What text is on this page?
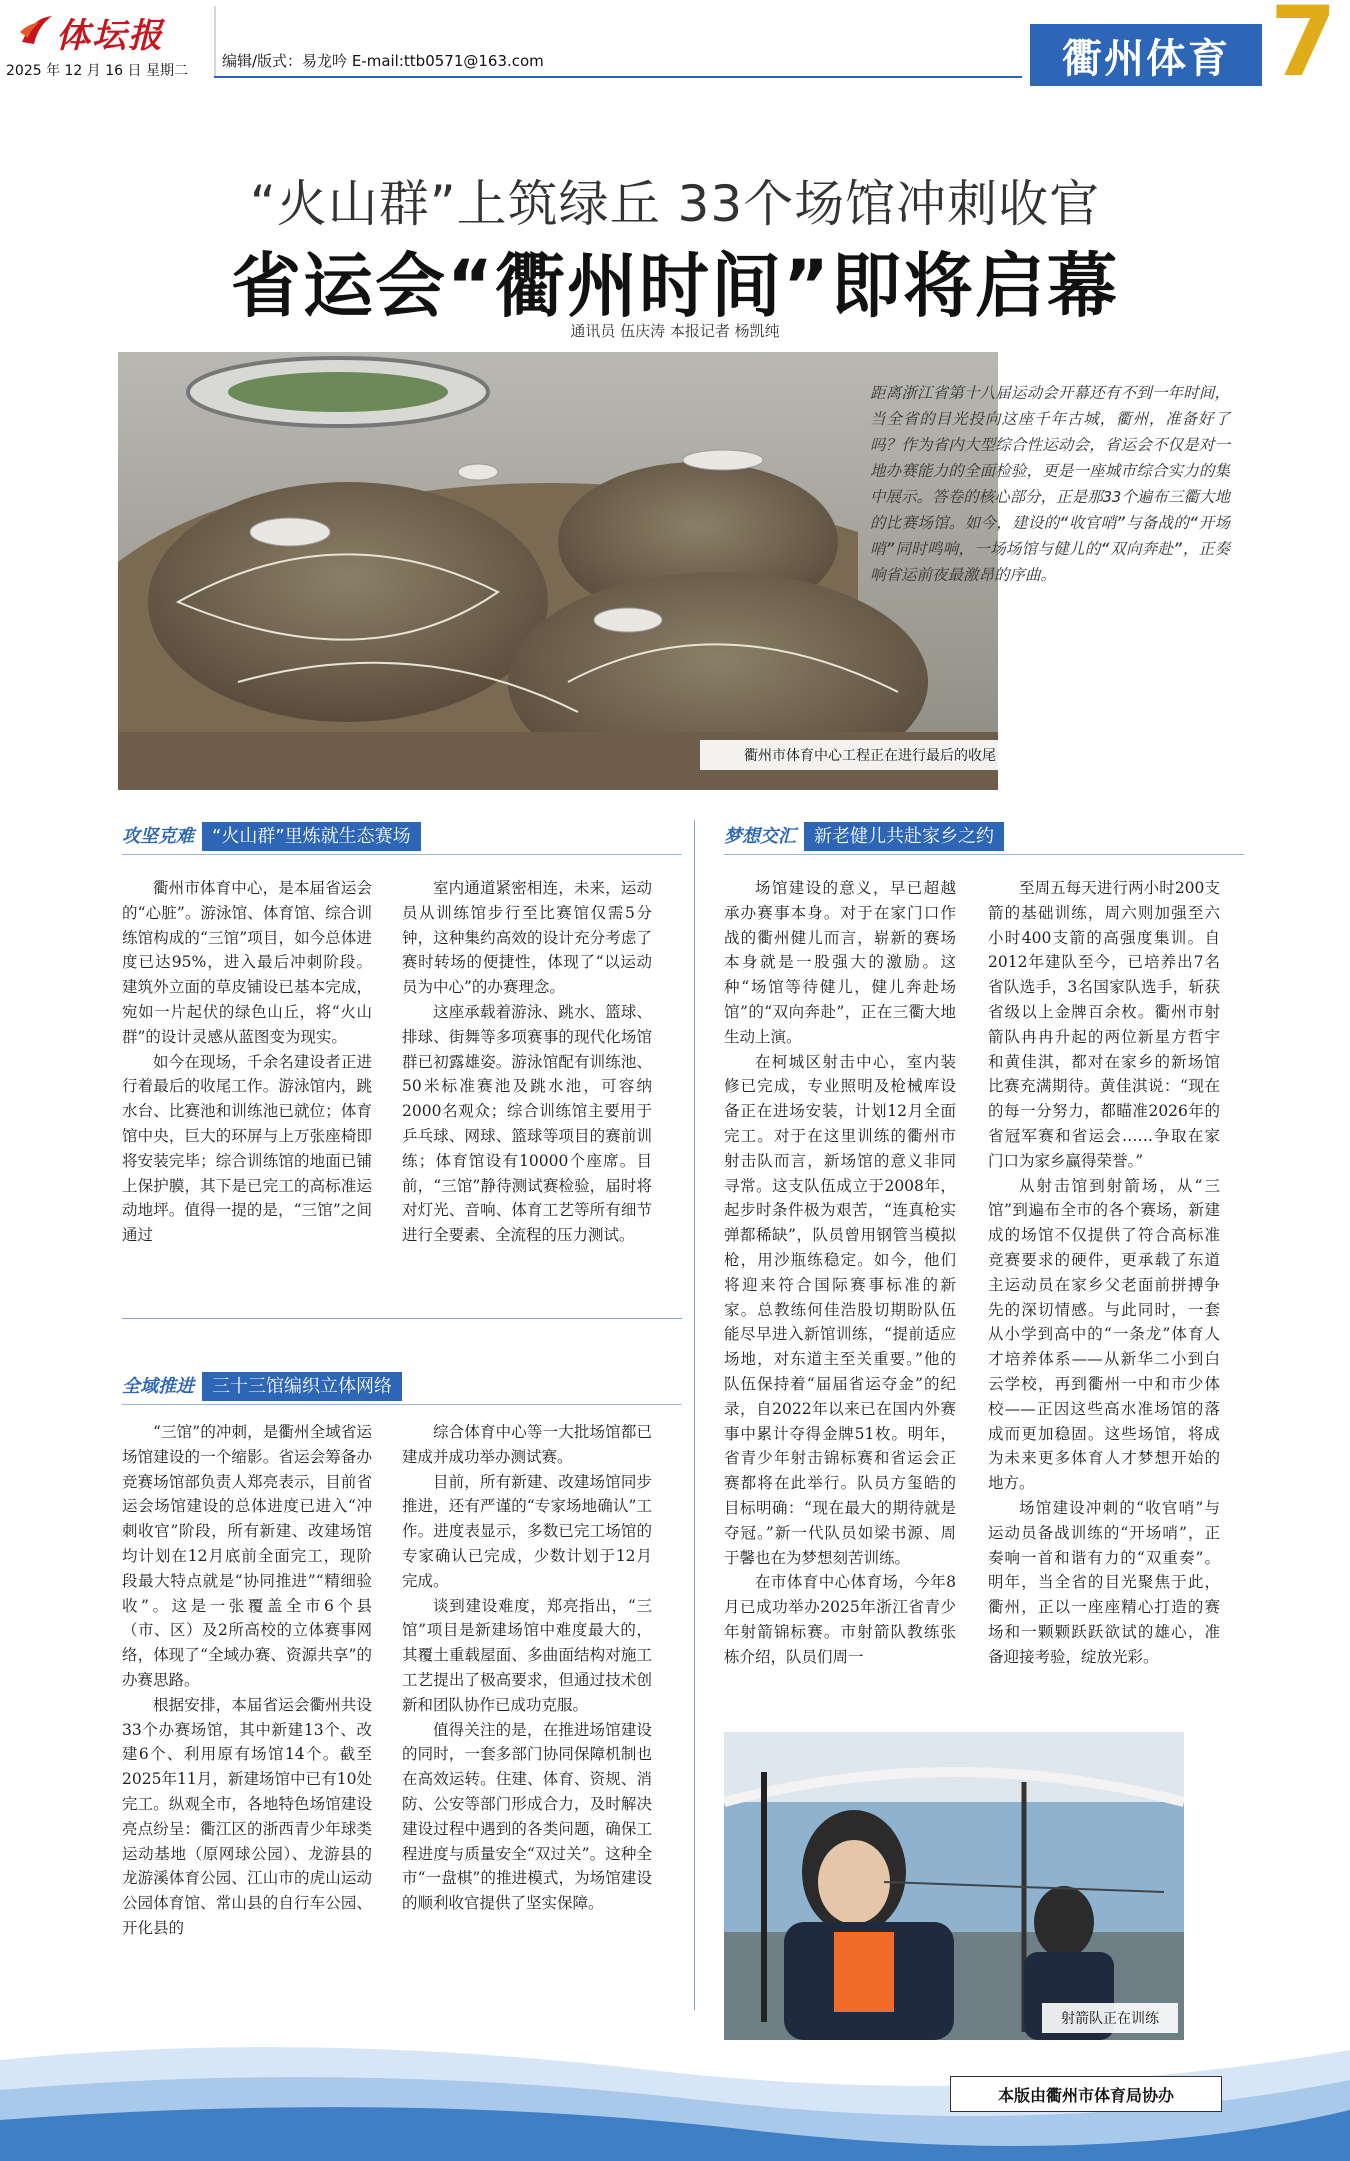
体坛报
2025 年 12 月 16 日 星期二
编辑/版式：易龙吟 E-mail:ttb0571@163.com	衢州体育 7
“火山群”上筑绿丘 33个场馆冲刺收官
省运会“衢州时间”即将启幕
通讯员 伍庆涛 本报记者 杨凯纯
衢州市体育中心工程正在进行最后的收尾
距离浙江省第十八届运动会开幕还有不到一年时间，当全省的目光投向这座千年古城，衢州，准备好了吗？作为省内大型综合性运动会，省运会不仅是对一地办赛能力的全面检验，更是一座城市综合实力的集中展示。答卷的核心部分，正是那33个遍布三衢大地的比赛场馆。如今，建设的“收官哨”与备战的“开场哨”同时鸣响，一场场馆与健儿的“双向奔赴”，正奏响省运前夜最激昂的序曲。
攻坚克难 “火山群”里炼就生态赛场

衢州市体育中心，是本届省运会的“心脏”。游泳馆、体育馆、综合训练馆构成的“三馆”项目，如今总体进度已达95%，进入最后冲刺阶段。建筑外立面的草皮铺设已基本完成，宛如一片起伏的绿色山丘，将“火山群”的设计灵感从蓝图变为现实。

如今在现场，千余名建设者正进行着最后的收尾工作。游泳馆内，跳水台、比赛池和训练池已就位；体育馆中央，巨大的环屏与上万张座椅即将安装完毕；综合训练馆的地面已铺上保护膜，其下是已完工的高标准运动地坪。值得一提的是，“三馆”之间通过

室内通道紧密相连，未来，运动员从训练馆步行至比赛馆仅需5分钟，这种集约高效的设计充分考虑了赛时转场的便捷性，体现了“以运动员为中心”的办赛理念。

这座承载着游泳、跳水、篮球、排球、街舞等多项赛事的现代化场馆群已初露雄姿。游泳馆配有训练池、50米标准赛池及跳水池，可容纳2000名观众；综合训练馆主要用于乒乓球、网球、篮球等项目的赛前训练；体育馆设有10000个座席。目前，“三馆”静待测试赛检验，届时将对灯光、音响、体育工艺等所有细节进行全要素、全流程的压力测试。

全域推进 三十三馆编织立体网络

“三馆”的冲刺，是衢州全域省运场馆建设的一个缩影。省运会筹备办竞赛场馆部负责人郑亮表示，目前省运会场馆建设的总体进度已进入“冲刺收官”阶段，所有新建、改建场馆均计划在12月底前全面完工，现阶段最大特点就是“协同推进”“精细验收”。这是一张覆盖全市6个县（市、区）及2所高校的立体赛事网络，体现了“全域办赛、资源共享”的办赛思路。

根据安排，本届省运会衢州共设33个办赛场馆，其中新建13个、改建6个、利用原有场馆14个。截至2025年11月，新建场馆中已有10处完工。纵观全市，各地特色场馆建设亮点纷呈：衢江区的浙西青少年球类运动基地（原网球公园）、龙游县的龙游溪体育公园、江山市的虎山运动公园体育馆、常山县的自行车公园、开化县的

综合体育中心等一大批场馆都已建成并成功举办测试赛。

目前，所有新建、改建场馆同步推进，还有严谨的“专家场地确认”工作。进度表显示，多数已完工场馆的专家确认已完成，少数计划于12月完成。

谈到建设难度，郑亮指出，“三馆”项目是新建场馆中难度最大的，其覆土重载屋面、多曲面结构对施工工艺提出了极高要求，但通过技术创新和团队协作已成功克服。

值得关注的是，在推进场馆建设的同时，一套多部门协同保障机制也在高效运转。住建、体育、资规、消防、公安等部门形成合力，及时解决建设过程中遇到的各类问题，确保工程进度与质量安全“双过关”。这种全市“一盘棋”的推进模式，为场馆建设的顺利收官提供了坚实保障。

梦想交汇 新老健儿共赴家乡之约

场馆建设的意义，早已超越承办赛事本身。对于在家门口作战的衢州健儿而言，崭新的赛场本身就是一股强大的激励。这种“场馆等待健儿，健儿奔赴场馆”的“双向奔赴”，正在三衢大地生动上演。

在柯城区射击中心，室内装修已完成，专业照明及枪械库设备正在进场安装，计划12月全面完工。对于在这里训练的衢州市射击队而言，新场馆的意义非同寻常。这支队伍成立于2008年，起步时条件极为艰苦，“连真枪实弹都稀缺”，队员曾用钢管当模拟枪，用沙瓶练稳定。如今，他们将迎来符合国际赛事标准的新家。总教练何佳浩股切期盼队伍能尽早进入新馆训练，“提前适应场地，对东道主至关重要。”他的队伍保持着“届届省运夺金”的纪录，自2022年以来已在国内外赛事中累计夺得金牌51枚。明年，省青少年射击锦标赛和省运会正赛都将在此举行。队员方玺皓的目标明确：“现在最大的期待就是夺冠。”新一代队员如梁书源、周于馨也在为梦想刻苦训练。

在市体育中心体育场，今年8月已成功举办2025年浙江省青少年射箭锦标赛。市射箭队教练张栋介绍，队员们周一

至周五每天进行两小时200支箭的基础训练，周六则加强至六小时400支箭的高强度集训。自2012年建队至今，已培养出7名省队选手，3名国家队选手，斩获省级以上金牌百余枚。衢州市射箭队冉冉升起的两位新星方哲宇和黄佳淇，都对在家乡的新场馆比赛充满期待。黄佳淇说：“现在的每一分努力，都瞄准2026年的省冠军赛和省运会……争取在家门口为家乡赢得荣誉。”

从射击馆到射箭场，从“三馆”到遍布全市的各个赛场，新建成的场馆不仅提供了符合高标准竞赛要求的硬件，更承载了东道主运动员在家乡父老面前拼搏争先的深切情感。与此同时，一套从小学到高中的“一条龙”体育人才培养体系——从新华二小到白云学校，再到衢州一中和市少体校——正因这些高水准场馆的落成而更加稳固。这些场馆，将成为未来更多体育人才梦想开始的地方。

场馆建设冲刺的“收官哨”与运动员备战训练的“开场哨”，正奏响一首和谐有力的“双重奏”。明年，当全省的目光聚焦于此，衢州，正以一座座精心打造的赛场和一颗颗跃跃欲试的雄心，准备迎接考验，绽放光彩。

射箭队正在训练
本版由衢州市体育局协办
